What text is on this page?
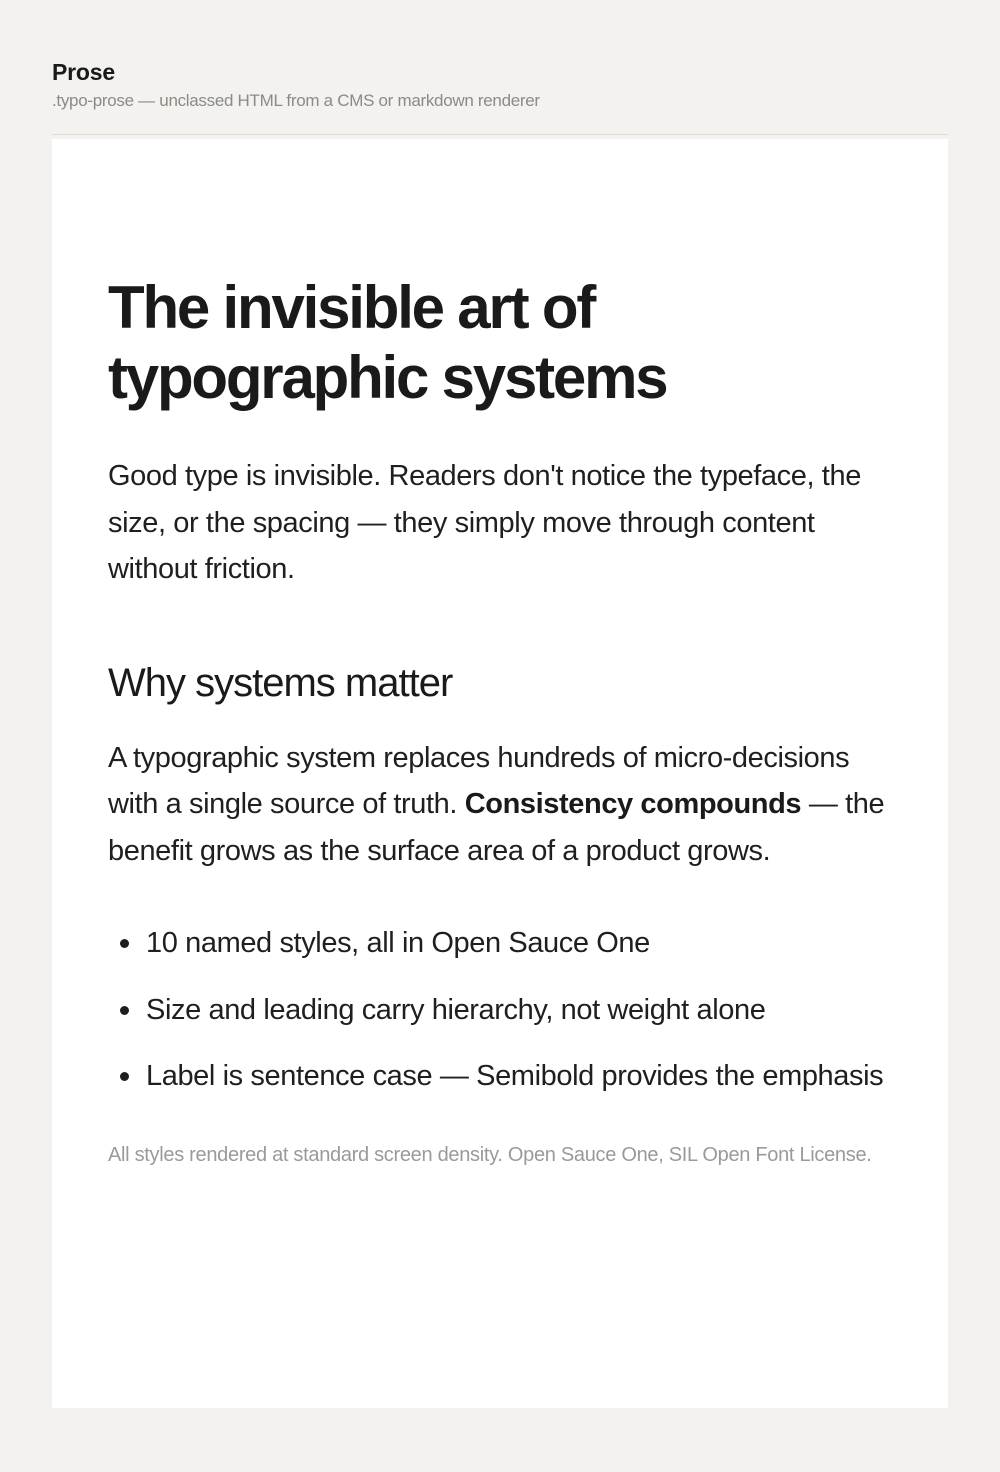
Prose
.typo-prose — unclassed HTML from a CMS or markdown renderer
The invisible art of typographic systems

Good type is invisible. Readers don't notice the typeface, the size, or the spacing — they simply move through content without friction.

Why systems matter

A typographic system replaces hundreds of micro-decisions with a single source of truth. Consistency compounds — the benefit grows as the surface area of a product grows.

10 named styles, all in Open Sauce One
Size and leading carry hierarchy, not weight alone
Label is sentence case — Semibold provides the emphasis

All styles rendered at standard screen density. Open Sauce One, SIL Open Font License.
